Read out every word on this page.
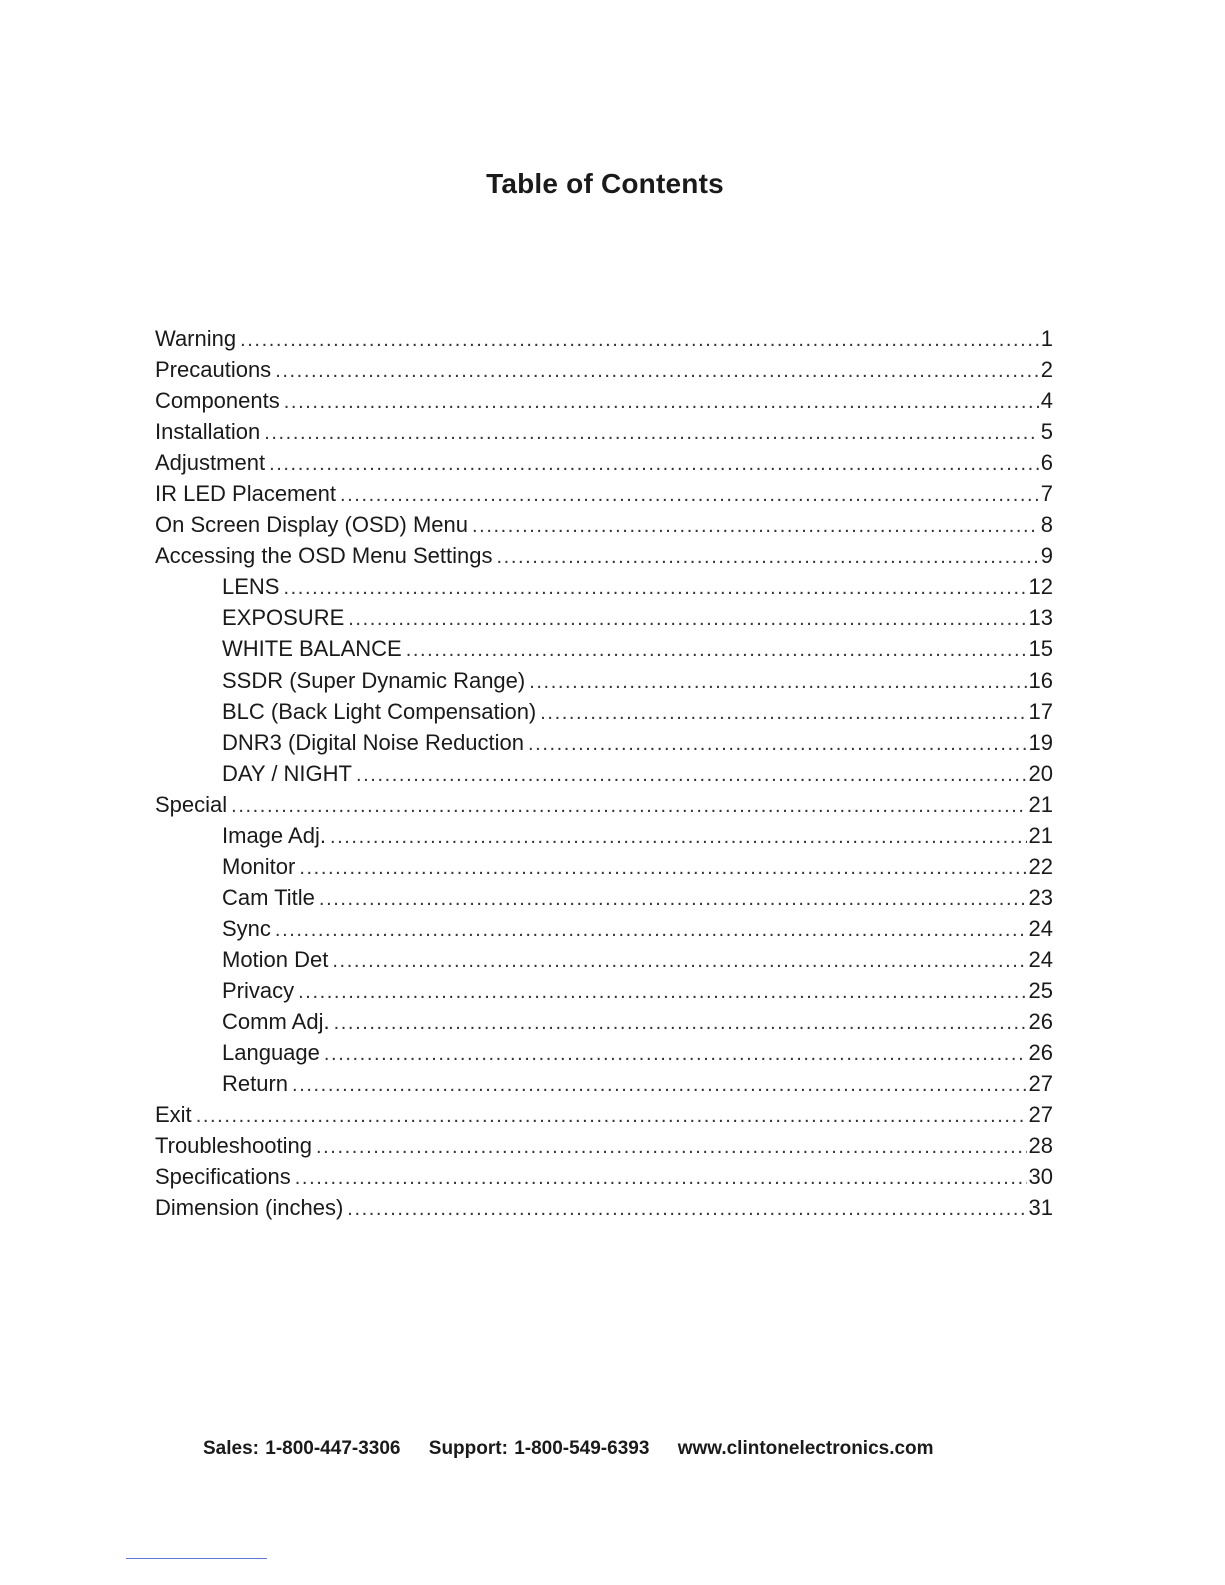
Table of Contents
Warning .....	1
Precautions .....	2
Components .....	4
Installation .....	5
Adjustment .....	6
IR LED Placement .....	7
On Screen Display (OSD) Menu .....	8
Accessing the OSD Menu Settings .....	9
LENS .....	12
EXPOSURE .....	13
WHITE BALANCE .....	15
SSDR (Super Dynamic Range) .....	16
BLC (Back Light Compensation) .....	17
DNR3 (Digital Noise Reduction .....	19
DAY / NIGHT .....	20
Special .....	21
Image Adj. .....	21
Monitor .....	22
Cam Title .....	23
Sync .....	24
Motion Det .....	24
Privacy .....	25
Comm Adj. .....	26
Language .....	26
Return .....	27
Exit .....	27
Troubleshooting .....	28
Specifications .....	30
Dimension (inches) .....	31
Sales: 1-800-447-3306 Support: 1-800-549-6393 www.clintonelectronics.com
